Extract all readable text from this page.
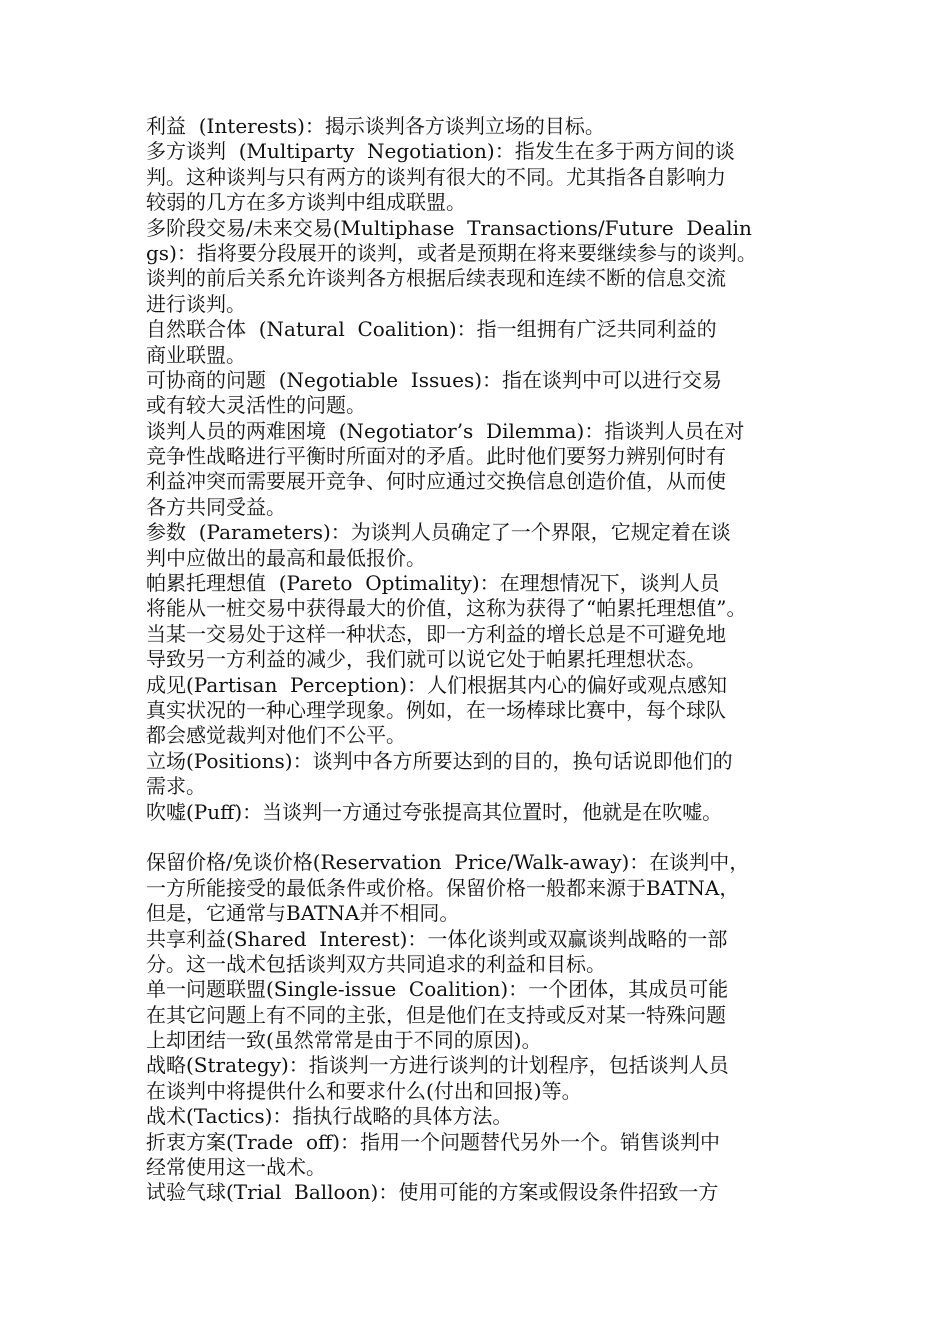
利益  (Interests)：揭示谈判各方谈判立场的目标。
多方谈判  (Multiparty  Negotiation)：指发生在多于两方间的谈
判。这种谈判与只有两方的谈判有很大的不同。尤其指各自影响力
较弱的几方在多方谈判中组成联盟。
多阶段交易/未来交易(Multiphase  Transactions/Future  Dealin
gs)：指将要分段展开的谈判，或者是预期在将来要继续参与的谈判。
谈判的前后关系允许谈判各方根据后续表现和连续不断的信息交流
进行谈判。
自然联合体  (Natural  Coalition)：指一组拥有广泛共同利益的
商业联盟。
可协商的问题  (Negotiable  Issues)：指在谈判中可以进行交易
或有较大灵活性的问题。
谈判人员的两难困境  (Negotiator’s  Dilemma)：指谈判人员在对
竞争性战略进行平衡时所面对的矛盾。此时他们要努力辨别何时有
利益冲突而需要展开竞争、何时应通过交换信息创造价值，从而使
各方共同受益。
参数  (Parameters)：为谈判人员确定了一个界限，它规定着在谈
判中应做出的最高和最低报价。
帕累托理想值  (Pareto  Optimality)：在理想情况下，谈判人员
将能从一桩交易中获得最大的价值，这称为获得了“帕累托理想值”。
当某一交易处于这样一种状态，即一方利益的增长总是不可避免地
导致另一方利益的减少，我们就可以说它处于帕累托理想状态。
成见(Partisan  Perception)：人们根据其内心的偏好或观点感知
真实状况的一种心理学现象。例如，在一场棒球比赛中，每个球队
都会感觉裁判对他们不公平。
立场(Positions)：谈判中各方所要达到的目的，换句话说即他们的
需求。
吹嘘(Puff)：当谈判一方通过夸张提高其位置时，他就是在吹嘘。
保留价格/免谈价格(Reservation  Price/Walk-away)：在谈判中，
一方所能接受的最低条件或价格。保留价格一般都来源于BATNA，
但是，它通常与BATNA并不相同。
共享利益(Shared  Interest)：一体化谈判或双赢谈判战略的一部
分。这一战术包括谈判双方共同追求的利益和目标。
单一问题联盟(Single-issue  Coalition)：一个团体，其成员可能
在其它问题上有不同的主张，但是他们在支持或反对某一特殊问题
上却团结一致(虽然常常是由于不同的原因)。
战略(Strategy)：指谈判一方进行谈判的计划程序，包括谈判人员
在谈判中将提供什么和要求什么(付出和回报)等。
战术(Tactics)：指执行战略的具体方法。
折衷方案(Trade  off)：指用一个问题替代另外一个。销售谈判中
经常使用这一战术。
试验气球(Trial  Balloon)：使用可能的方案或假设条件招致一方
